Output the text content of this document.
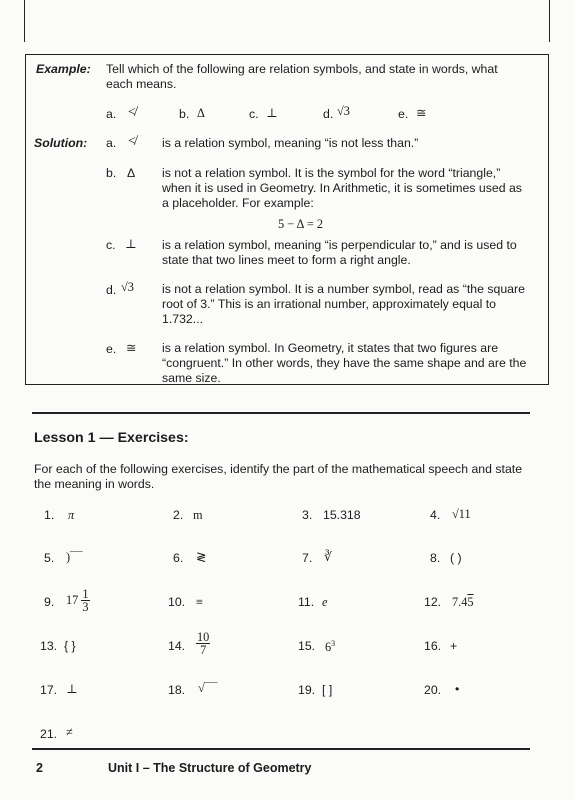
Example: Tell which of the following are relation symbols, and state in words, what
each means.
a. ≮	b. Δ	c. ⊥	d. √3	e. ≅
Solution: a. ≮ is a relation symbol, meaning “is not less than.”
b. Δ is not a relation symbol. It is the symbol for the word “triangle,”
when it is used in Geometry. In Arithmetic, it is sometimes used as
a placeholder. For example:
5 − Δ = 2
c. ⊥ is a relation symbol, meaning “is perpendicular to,” and is used to
state that two lines meet to form a right angle.
d. √3 is not a relation symbol. It is a number symbol, read as “the square
root of 3.” This is an irrational number, approximately equal to
1.732...
e. ≅ is a relation symbol. In Geometry, it states that two figures are
“congruent.” In other words, they have the same shape and are the
same size.
Lesson 1 — Exercises:
For each of the following exercises, identify the part of the mathematical speech and state
the meaning in words.
1. π	2. m	3. 15.318	4. √11
5. )‾‾‾	6. ≷	7. ∛	8. ( )
9. $17 \frac{1}{3}$	10. ≡	11. e	12. 7.45
13. { }	14. $\frac{10}{7}$	15. $6^3$	16. +
17. ⊥	18. √‾‾‾	19. [ ]	20. •
21. ≠
2	Unit I – The Structure of Geometry
